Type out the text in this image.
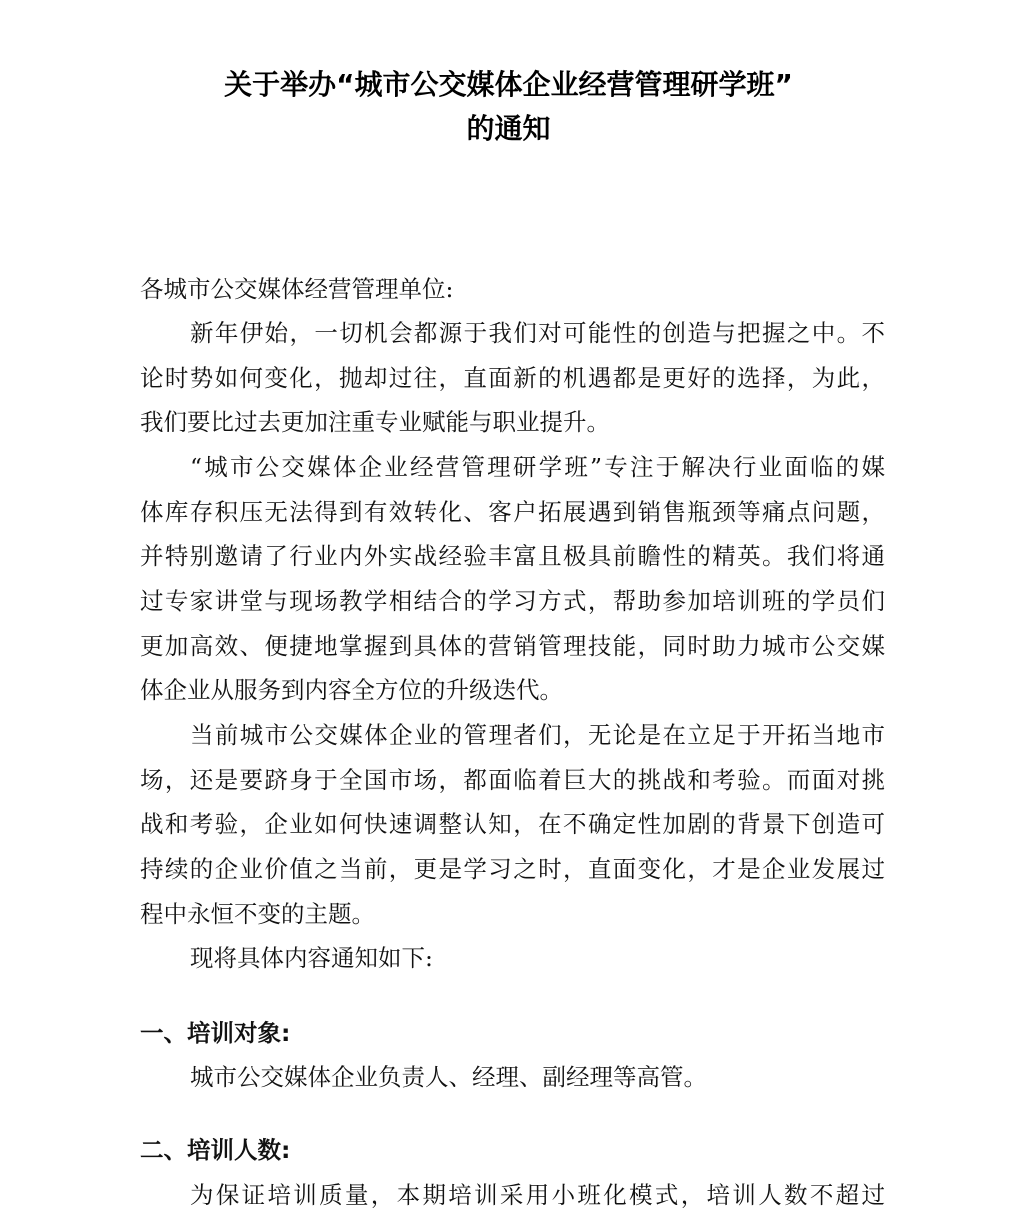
关于举办“城市公交媒体企业经营管理研学班”
的通知
各城市公交媒体经营管理单位:
新年伊始，一切机会都源于我们对可能性的创造与把握之中。不
论时势如何变化，抛却过往，直面新的机遇都是更好的选择，为此，
我们要比过去更加注重专业赋能与职业提升。
“城市公交媒体企业经营管理研学班”专注于解决行业面临的媒
体库存积压无法得到有效转化、客户拓展遇到销售瓶颈等痛点问题，
并特别邀请了行业内外实战经验丰富且极具前瞻性的精英。我们将通
过专家讲堂与现场教学相结合的学习方式，帮助参加培训班的学员们
更加高效、便捷地掌握到具体的营销管理技能，同时助力城市公交媒
体企业从服务到内容全方位的升级迭代。
当前城市公交媒体企业的管理者们，无论是在立足于开拓当地市
场，还是要跻身于全国市场，都面临着巨大的挑战和考验。而面对挑
战和考验，企业如何快速调整认知，在不确定性加剧的背景下创造可
持续的企业价值之当前，更是学习之时，直面变化，才是企业发展过
程中永恒不变的主题。
现将具体内容通知如下:
一、培训对象:
城市公交媒体企业负责人、经理、副经理等高管。
二、培训人数:
为保证培训质量，本期培训采用小班化模式，培训人数不超过
